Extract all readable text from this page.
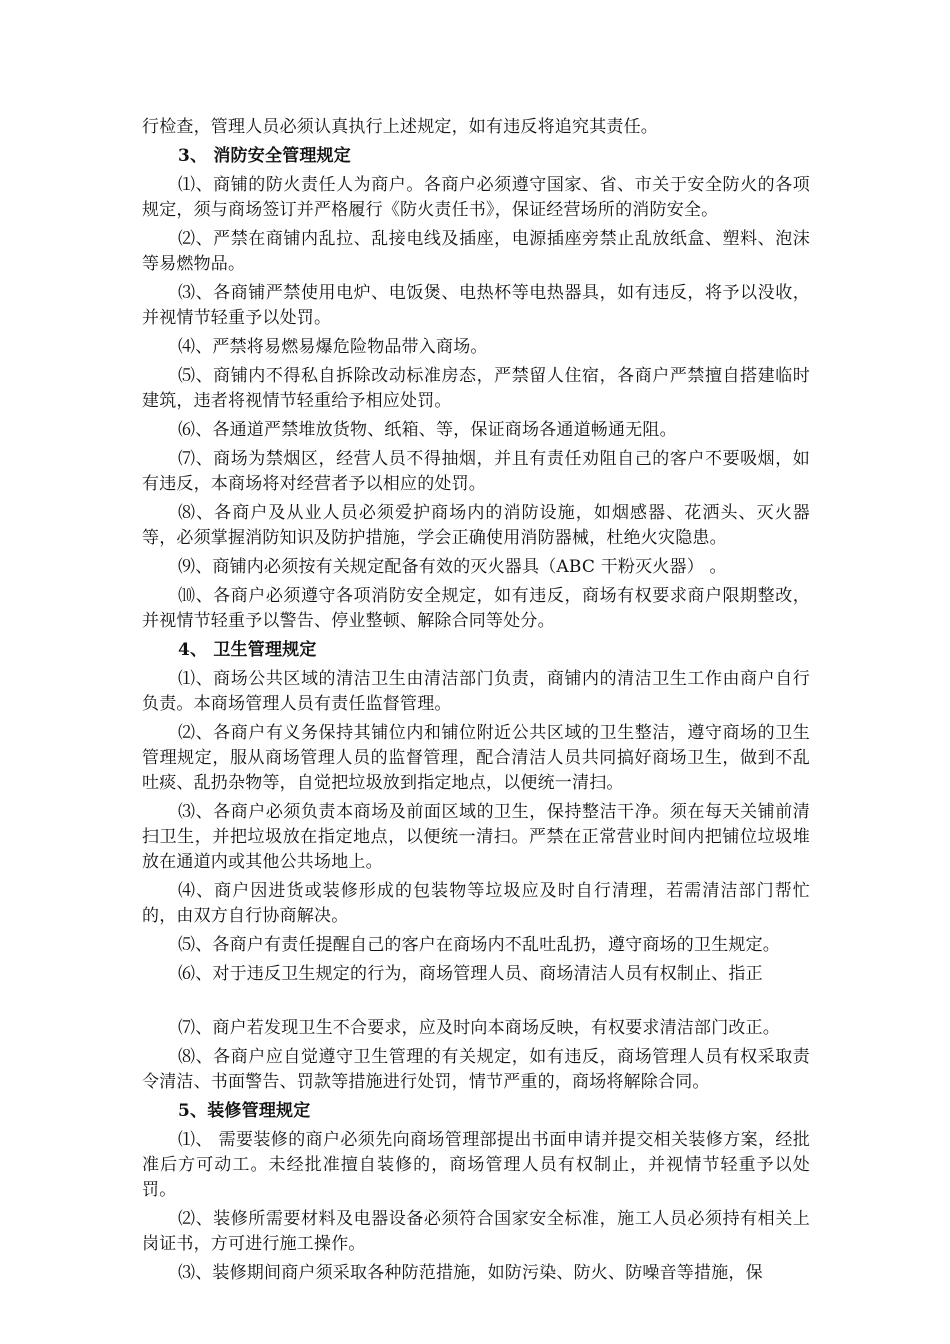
行检查，管理人员必须认真执行上述规定，如有违反将追究其责任。

3、 消防安全管理规定

⑴、商铺的防火责任人为商户。各商户必须遵守国家、省、市关于安全防火的各项规定，须与商场签订并严格履行《防火责任书》，保证经营场所的消防安全。

⑵、严禁在商铺内乱拉、乱接电线及插座，电源插座旁禁止乱放纸盒、塑料、泡沫等易燃物品。

⑶、各商铺严禁使用电炉、电饭煲、电热杯等电热器具，如有违反，将予以没收，并视情节轻重予以处罚。

⑷、严禁将易燃易爆危险物品带入商场。

⑸、商铺内不得私自拆除改动标准房态，严禁留人住宿，各商户严禁擅自搭建临时建筑，违者将视情节轻重给予相应处罚。

⑹、各通道严禁堆放货物、纸箱、等，保证商场各通道畅通无阻。

⑺、商场为禁烟区，经营人员不得抽烟，并且有责任劝阻自己的客户不要吸烟，如有违反，本商场将对经营者予以相应的处罚。

⑻、各商户及从业人员必须爱护商场内的消防设施，如烟感器、花洒头、灭火器等，必须掌握消防知识及防护措施，学会正确使用消防器械，杜绝火灾隐患。

⑼、商铺内必须按有关规定配备有效的灭火器具（ABC 干粉灭火器） 。

⑽、各商户必须遵守各项消防安全规定，如有违反，商场有权要求商户限期整改，并视情节轻重予以警告、停业整顿、解除合同等处分。

4、 卫生管理规定

⑴、商场公共区域的清洁卫生由清洁部门负责，商铺内的清洁卫生工作由商户自行负责。本商场管理人员有责任监督管理。

⑵、各商户有义务保持其铺位内和铺位附近公共区域的卫生整洁，遵守商场的卫生管理规定，服从商场管理人员的监督管理，配合清洁人员共同搞好商场卫生，做到不乱吐痰、乱扔杂物等，自觉把垃圾放到指定地点，以便统一清扫。

⑶、各商户必须负责本商场及前面区域的卫生，保持整洁干净。须在每天关铺前清扫卫生，并把垃圾放在指定地点，以便统一清扫。严禁在正常营业时间内把铺位垃圾堆放在通道内或其他公共场地上。

⑷、商户因进货或装修形成的包装物等垃圾应及时自行清理，若需清洁部门帮忙的，由双方自行协商解决。

⑸、各商户有责任提醒自己的客户在商场内不乱吐乱扔，遵守商场的卫生规定。

⑹、对于违反卫生规定的行为，商场管理人员、商场清洁人员有权制止、指正

⑺、商户若发现卫生不合要求，应及时向本商场反映，有权要求清洁部门改正。

⑻、各商户应自觉遵守卫生管理的有关规定，如有违反，商场管理人员有权采取责令清洁、书面警告、罚款等措施进行处罚，情节严重的，商场将解除合同。

5、装修管理规定

⑴、 需要装修的商户必须先向商场管理部提出书面申请并提交相关装修方案，经批准后方可动工。未经批准擅自装修的，商场管理人员有权制止，并视情节轻重予以处罚。

⑵、装修所需要材料及电器设备必须符合国家安全标准，施工人员必须持有相关上岗证书，方可进行施工操作。

⑶、装修期间商户须采取各种防范措施，如防污染、防火、防噪音等措施，保
